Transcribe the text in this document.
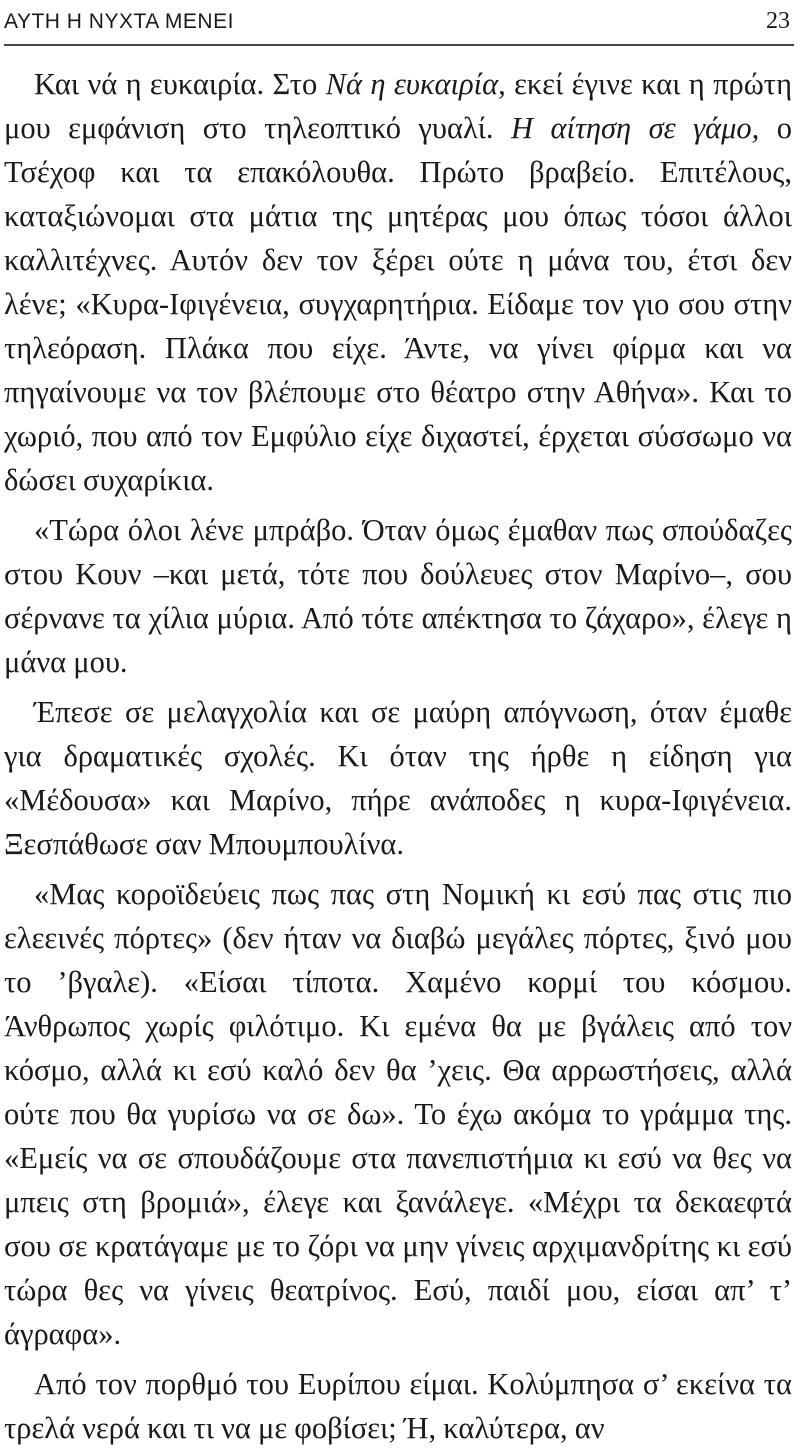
ΑΥΤΗ Η ΝΥΧΤΑ ΜΕΝΕΙ	23

Και νά η ευκαιρία. Στο Νά η ευκαιρία, εκεί έγινε και η πρώτη μου εμφάνιση στο τηλεοπτικό γυαλί. Η αίτηση σε γάμο, ο Τσέχοφ και τα επακόλουθα. Πρώτο βραβείο. Επιτέλους, καταξιώνομαι στα μάτια της μητέρας μου όπως τόσοι άλλοι καλλιτέχνες. Αυτόν δεν τον ξέρει ούτε η μάνα του, έτσι δεν λένε; «Κυρα-Ιφιγένεια, συγχαρητήρια. Είδαμε τον γιο σου στην τηλεόραση. Πλάκα που είχε. Άντε, να γίνει φίρμα και να πηγαίνουμε να τον βλέπουμε στο θέατρο στην Αθήνα». Και το χωριό, που από τον Εμφύλιο είχε διχαστεί, έρχεται σύσσωμο να δώσει συχαρίκια.

«Τώρα όλοι λένε μπράβο. Όταν όμως έμαθαν πως σπούδαζες στου Κουν –και μετά, τότε που δούλευες στον Μαρίνο–, σου σέρνανε τα χίλια μύρια. Από τότε απέκτησα το ζάχαρο», έλεγε η μάνα μου.

Έπεσε σε μελαγχολία και σε μαύρη απόγνωση, όταν έμαθε για δραματικές σχολές. Κι όταν της ήρθε η είδηση για «Μέδουσα» και Μαρίνο, πήρε ανάποδες η κυρα-Ιφιγένεια. Ξεσπάθωσε σαν Μπουμπουλίνα.

«Μας κοροϊδεύεις πως πας στη Νομική κι εσύ πας στις πιο ελεεινές πόρτες» (δεν ήταν να διαβώ μεγάλες πόρτες, ξινό μου το ’βγαλε). «Είσαι τίποτα. Χαμένο κορμί του κόσμου. Άνθρωπος χωρίς φιλότιμο. Κι εμένα θα με βγάλεις από τον κόσμο, αλλά κι εσύ καλό δεν θα ’χεις. Θα αρρωστήσεις, αλλά ούτε που θα γυρίσω να σε δω». Το έχω ακόμα το γράμμα της. «Εμείς να σε σπουδάζουμε στα πανεπιστήμια κι εσύ να θες να μπεις στη βρομιά», έλεγε και ξανάλεγε. «Μέχρι τα δεκαεφτά σου σε κρατάγαμε με το ζόρι να μην γίνεις αρχιμανδρίτης κι εσύ τώρα θες να γίνεις θεατρίνος. Εσύ, παιδί μου, είσαι απ’ τ’ άγραφα».

Από τον πορθμό του Ευρίπου είμαι. Κολύμπησα σ’ εκείνα τα τρελά νερά και τι να με φοβίσει; Ή, καλύτερα, αν
